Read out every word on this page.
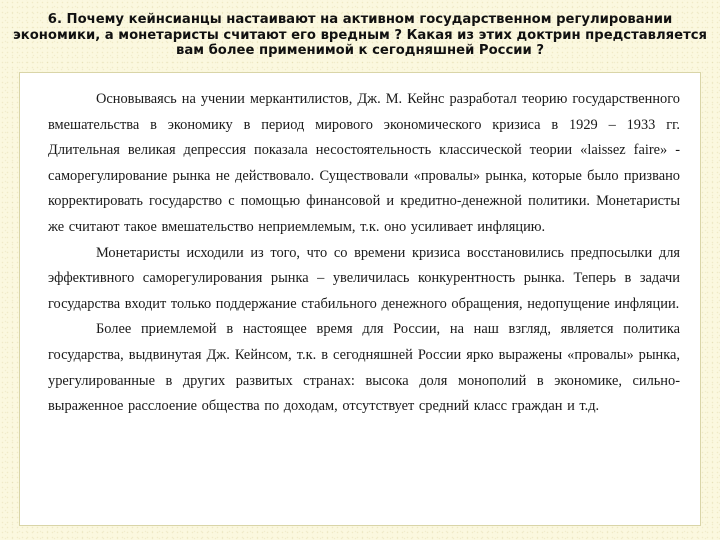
6. Почему кейнсианцы настаивают на активном государственном регулировании экономики, а монетаристы считают его вредным ? Какая из этих доктрин представляется вам более применимой к сегодняшней России ?

Основываясь на учении меркантилистов, Дж. М. Кейнс разработал теорию государственного вмешательства в экономику в период мирового экономического кризиса в 1929 – 1933 гг. Длительная великая депрессия показала несостоятельность классической теории «laissez faire» - саморегулирование рынка не действовало. Существовали «провалы» рынка, которые было призвано корректировать государство с помощью финансовой и кредитно-денежной политики. Монетаристы же считают такое вмешательство неприемлемым, т.к. оно усиливает инфляцию.

Монетаристы исходили из того, что со времени кризиса восстановились предпосылки для эффективного саморегулирования рынка – увеличилась конкурентность рынка. Теперь в задачи государства входит только поддержание стабильного денежного обращения, недопущение инфляции.

Более приемлемой в настоящее время для России, на наш взгляд, является политика государства, выдвинутая Дж. Кейнсом, т.к. в сегодняшней России ярко выражены «провалы» рынка, урегулированные в других развитых странах: высока доля монополий в экономике, сильно-выраженное расслоение общества по доходам, отсутствует средний класс граждан и т.д.
